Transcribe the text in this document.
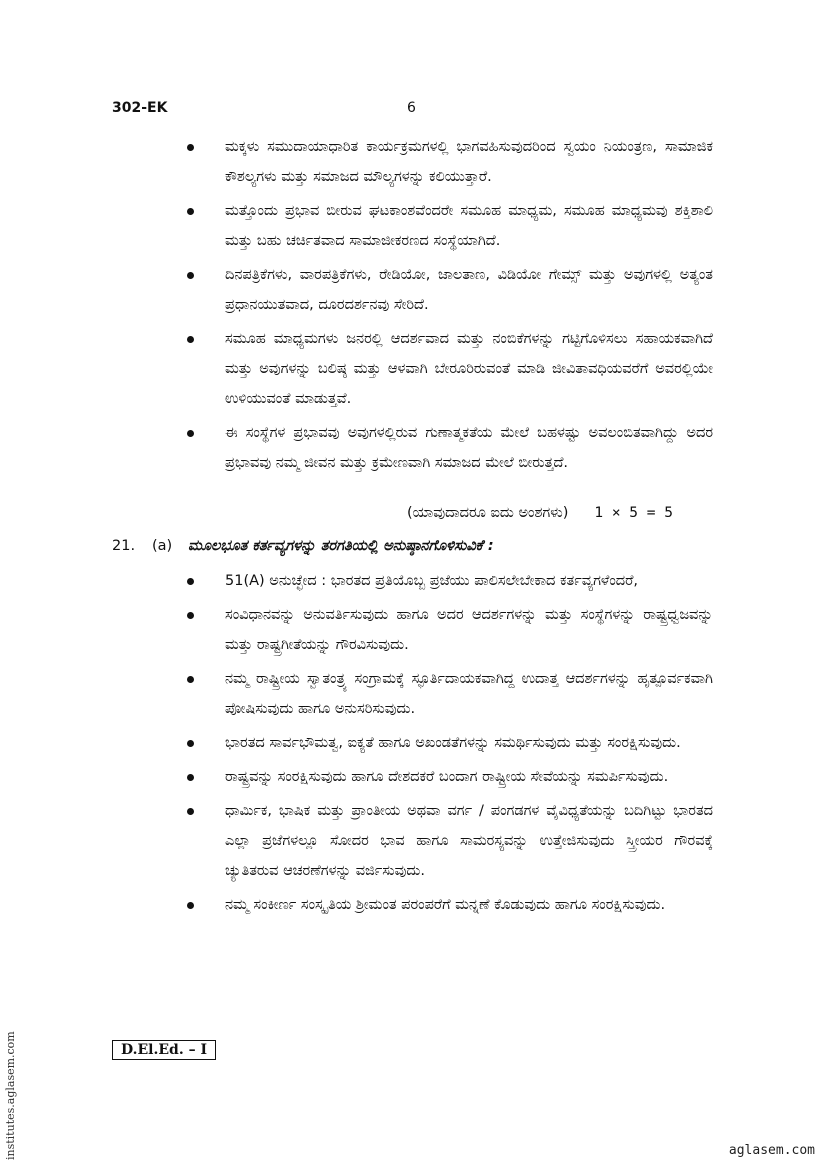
302-EK	6
ಮಕ್ಕಳು ಸಮುದಾಯಾಧಾರಿತ ಕಾರ್ಯಕ್ರಮಗಳಲ್ಲಿ ಭಾಗವಹಿಸುವುದರಿಂದ ಸ್ವಯಂ ನಿಯಂತ್ರಣ, ಸಾಮಾಜಿಕ ಕೌಶಲ್ಯಗಳು ಮತ್ತು ಸಮಾಜದ ಮೌಲ್ಯಗಳನ್ನು ಕಲಿಯುತ್ತಾರೆ.
ಮತ್ತೊಂದು ಪ್ರಭಾವ ಬೀರುವ ಘಟಕಾಂಶವೆಂದರೇ ಸಮೂಹ ಮಾಧ್ಯಮ, ಸಮೂಹ ಮಾಧ್ಯಮವು ಶಕ್ತಿಶಾಲಿ ಮತ್ತು ಬಹು ಚರ್ಚಿತವಾದ ಸಾಮಾಜೀಕರಣದ ಸಂಸ್ಥೆಯಾಗಿದೆ.
ದಿನಪತ್ರಿಕೆಗಳು, ವಾರಪತ್ರಿಕೆಗಳು, ರೇಡಿಯೋ, ಜಾಲತಾಣ, ವಿಡಿಯೋ ಗೇಮ್ಸ್ ಮತ್ತು ಅವುಗಳಲ್ಲಿ ಅತ್ಯಂತ ಪ್ರಧಾನಯುತವಾದ, ದೂರದರ್ಶನವು ಸೇರಿದೆ.
ಸಮೂಹ ಮಾಧ್ಯಮಗಳು ಜನರಲ್ಲಿ ಆದರ್ಶವಾದ ಮತ್ತು ನಂಬಿಕೆಗಳನ್ನು ಗಟ್ಟಿಗೊಳಿಸಲು ಸಹಾಯಕವಾಗಿದೆ ಮತ್ತು ಅವುಗಳನ್ನು ಬಲಿಷ್ಠ ಮತ್ತು ಆಳವಾಗಿ ಬೇರೂರಿರುವಂತೆ ಮಾಡಿ ಜೀವಿತಾವಧಿಯವರೆಗೆ ಅವರಲ್ಲಿಯೇ ಉಳಿಯುವಂತೆ ಮಾಡುತ್ತವೆ.
ಈ ಸಂಸ್ಥೆಗಳ ಪ್ರಭಾವವು ಅವುಗಳಲ್ಲಿರುವ ಗುಣಾತ್ಮಕತೆಯ ಮೇಲೆ ಬಹಳಷ್ಟು ಅವಲಂಬಿತವಾಗಿದ್ದು ಅದರ ಪ್ರಭಾವವು ನಮ್ಮ ಜೀವನ ಮತ್ತು ಕ್ರಮೇಣವಾಗಿ ಸಮಾಜದ ಮೇಲೆ ಬೀರುತ್ತದೆ.
(ಯಾವುದಾದರೂ ಐದು ಅಂಶಗಳು) 1 × 5 = 5
21. (a) ಮೂಲಭೂತ ಕರ್ತವ್ಯಗಳನ್ನು ತರಗತಿಯಲ್ಲಿ ಅನುಷ್ಠಾನಗೊಳಿಸುವಿಕೆ :
51(A) ಅನುಚ್ಛೇದ : ಭಾರತದ ಪ್ರತಿಯೊಬ್ಬ ಪ್ರಜೆಯು ಪಾಲಿಸಲೇಬೇಕಾದ ಕರ್ತವ್ಯಗಳೆಂದರೆ,
ಸಂವಿಧಾನವನ್ನು ಅನುವರ್ತಿಸುವುದು ಹಾಗೂ ಅದರ ಆದರ್ಶಗಳನ್ನು ಮತ್ತು ಸಂಸ್ಥೆಗಳನ್ನು ರಾಷ್ಟ್ರಧ್ವಜವನ್ನು ಮತ್ತು ರಾಷ್ಟ್ರಗೀತೆಯನ್ನು ಗೌರವಿಸುವುದು.
ನಮ್ಮ ರಾಷ್ಟ್ರೀಯ ಸ್ವಾತಂತ್ರ್ಯ ಸಂಗ್ರಾಮಕ್ಕೆ ಸ್ಫೂರ್ತಿದಾಯಕವಾಗಿದ್ದ ಉದಾತ್ತ ಆದರ್ಶಗಳನ್ನು ಹೃತ್ಪೂರ್ವಕವಾಗಿ ಪೋಷಿಸುವುದು ಹಾಗೂ ಅನುಸರಿಸುವುದು.
ಭಾರತದ ಸಾರ್ವಭೌಮತ್ವ, ಐಕ್ಯತೆ ಹಾಗೂ ಅಖಂಡತೆಗಳನ್ನು ಸಮರ್ಥಿಸುವುದು ಮತ್ತು ಸಂರಕ್ಷಿಸುವುದು.
ರಾಷ್ಟ್ರವನ್ನು ಸಂರಕ್ಷಿಸುವುದು ಹಾಗೂ ದೇಶದಕರೆ ಬಂದಾಗ ರಾಷ್ಟ್ರೀಯ ಸೇವೆಯನ್ನು ಸಮರ್ಪಿಸುವುದು.
ಧಾರ್ಮಿಕ, ಭಾಷಿಕ ಮತ್ತು ಪ್ರಾಂತೀಯ ಅಥವಾ ವರ್ಗ / ಪಂಗಡಗಳ ವೈವಿಧ್ಯತೆಯನ್ನು ಬದಿಗಿಟ್ಟು ಭಾರತದ ಎಲ್ಲಾ ಪ್ರಜೆಗಳಲ್ಲೂ ಸೋದರ ಭಾವ ಹಾಗೂ ಸಾಮರಸ್ಯವನ್ನು ಉತ್ತೇಜಿಸುವುದು ಸ್ತ್ರೀಯರ ಗೌರವಕ್ಕೆ ಚ್ಯುತಿತರುವ ಆಚರಣೆಗಳನ್ನು ವರ್ಜಿಸುವುದು.
ನಮ್ಮ ಸಂಕೀರ್ಣ ಸಂಸ್ಕೃತಿಯ ಶ್ರೀಮಂತ ಪರಂಪರೆಗೆ ಮನ್ನಣೆ ಕೊಡುವುದು ಹಾಗೂ ಸಂರಕ್ಷಿಸುವುದು.
D.El.Ed. – I
institutes.aglasem.com	aglasem.com
